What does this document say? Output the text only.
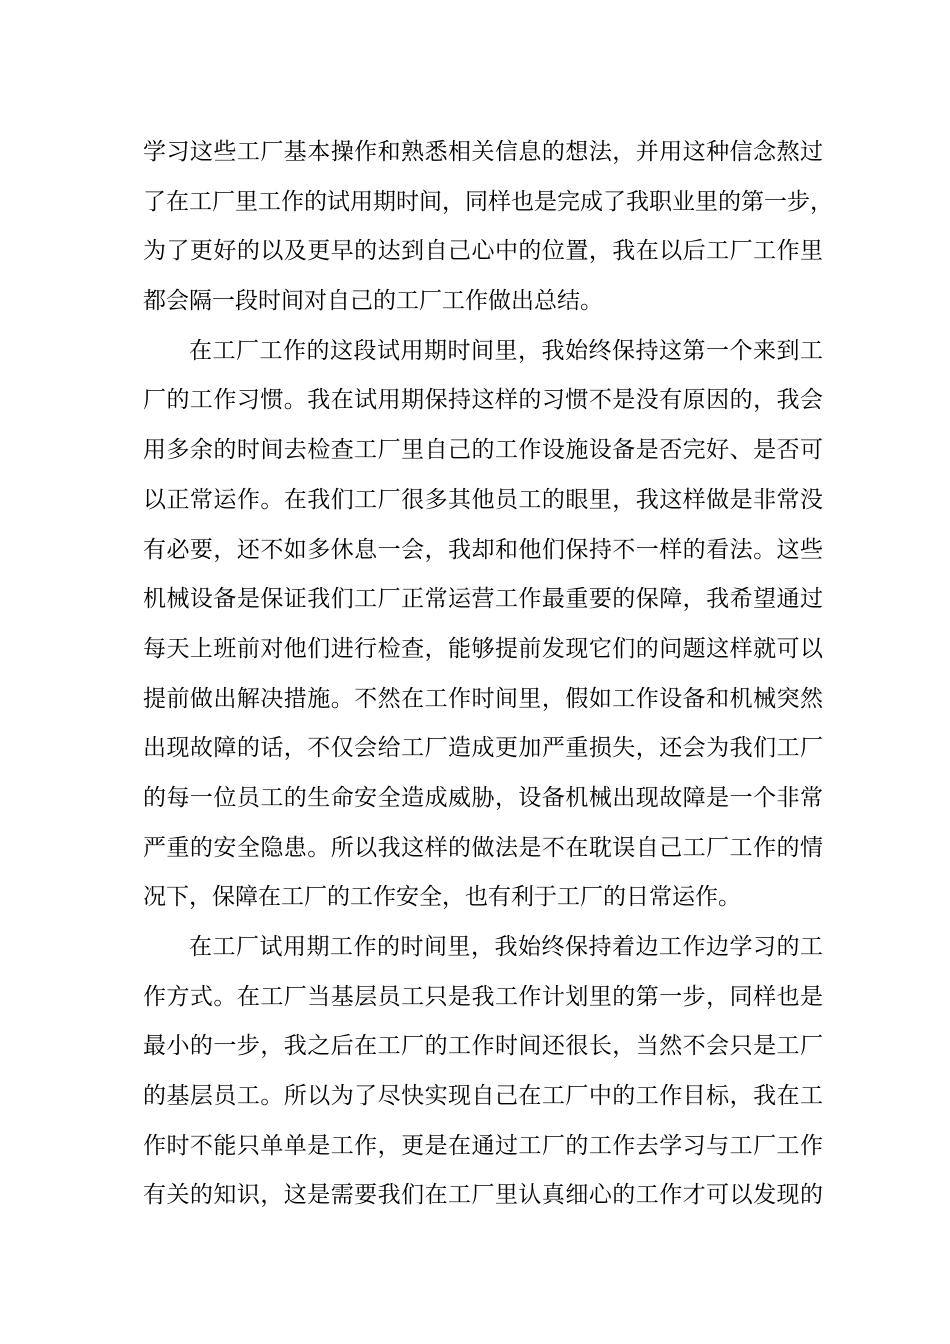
学习这些工厂基本操作和熟悉相关信息的想法，并用这种信念熬过
了在工厂里工作的试用期时间，同样也是完成了我职业里的第一步，
为了更好的以及更早的达到自己心中的位置，我在以后工厂工作里
都会隔一段时间对自己的工厂工作做出总结。
在工厂工作的这段试用期时间里，我始终保持这第一个来到工
厂的工作习惯。我在试用期保持这样的习惯不是没有原因的，我会
用多余的时间去检查工厂里自己的工作设施设备是否完好、是否可
以正常运作。在我们工厂很多其他员工的眼里，我这样做是非常没
有必要，还不如多休息一会，我却和他们保持不一样的看法。这些
机械设备是保证我们工厂正常运营工作最重要的保障，我希望通过
每天上班前对他们进行检查，能够提前发现它们的问题这样就可以
提前做出解决措施。不然在工作时间里，假如工作设备和机械突然
出现故障的话，不仅会给工厂造成更加严重损失，还会为我们工厂
的每一位员工的生命安全造成威胁，设备机械出现故障是一个非常
严重的安全隐患。所以我这样的做法是不在耽误自己工厂工作的情
况下，保障在工厂的工作安全，也有利于工厂的日常运作。
在工厂试用期工作的时间里，我始终保持着边工作边学习的工
作方式。在工厂当基层员工只是我工作计划里的第一步，同样也是
最小的一步，我之后在工厂的工作时间还很长，当然不会只是工厂
的基层员工。所以为了尽快实现自己在工厂中的工作目标，我在工
作时不能只单单是工作，更是在通过工厂的工作去学习与工厂工作
有关的知识，这是需要我们在工厂里认真细心的工作才可以发现的
